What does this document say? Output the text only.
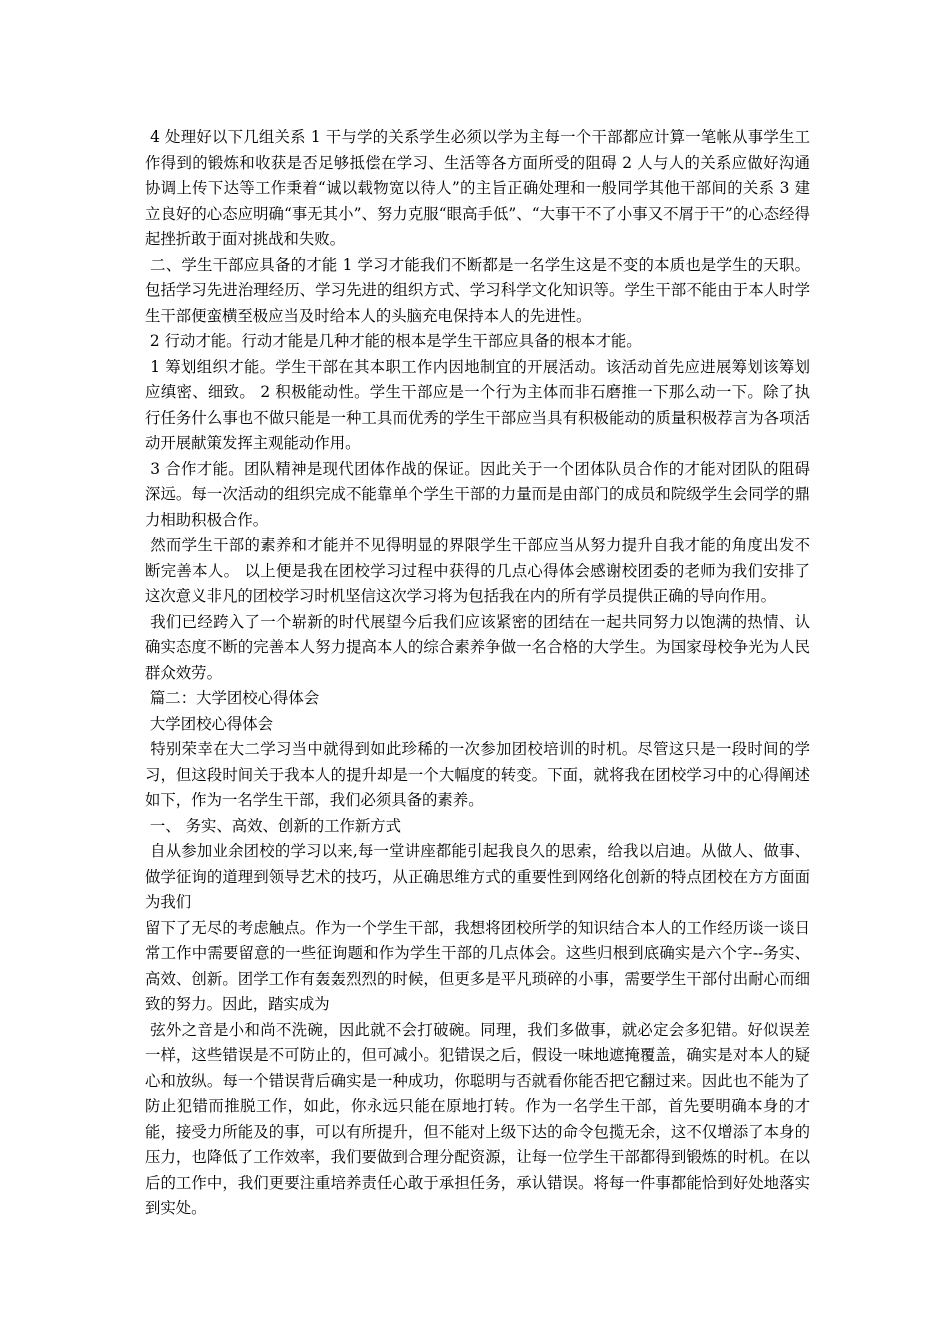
4 处理好以下几组关系 1 干与学的关系学生必须以学为主每一个干部都应计算一笔帐从事学生工作得到的锻炼和收获是否足够抵偿在学习、生活等各方面所受的阻碍 2 人与人的关系应做好沟通协调上传下达等工作秉着“诚以载物宽以待人”的主旨正确处理和一般同学其他干部间的关系 3 建立良好的心态应明确“事无其小”、努力克服“眼高手低”、“大事干不了小事又不屑于干”的心态经得起挫折敢于面对挑战和失败。

二、学生干部应具备的才能 1 学习才能我们不断都是一名学生这是不变的本质也是学生的天职。包括学习先进治理经历、学习先进的组织方式、学习科学文化知识等。学生干部不能由于本人时学生干部便蛮横至极应当及时给本人的头脑充电保持本人的先进性。

2 行动才能。行动才能是几种才能的根本是学生干部应具备的根本才能。

1 筹划组织才能。学生干部在其本职工作内因地制宜的开展活动。该活动首先应进展筹划该筹划应缜密、细致。 2 积极能动性。学生干部应是一个行为主体而非石磨推一下那么动一下。除了执行任务什么事也不做只能是一种工具而优秀的学生干部应当具有积极能动的质量积极荐言为各项活动开展献策发挥主观能动作用。

3 合作才能。团队精神是现代团体作战的保证。因此关于一个团体队员合作的才能对团队的阻碍深远。每一次活动的组织完成不能靠单个学生干部的力量而是由部门的成员和院级学生会同学的鼎力相助积极合作。

然而学生干部的素养和才能并不见得明显的界限学生干部应当从努力提升自我才能的角度出发不断完善本人。 以上便是我在团校学习过程中获得的几点心得体会感谢校团委的老师为我们安排了这次意义非凡的团校学习时机坚信这次学习将为包括我在内的所有学员提供正确的导向作用。

我们已经跨入了一个崭新的时代展望今后我们应该紧密的团结在一起共同努力以饱满的热情、认确实态度不断的完善本人努力提高本人的综合素养争做一名合格的大学生。为国家母校争光为人民群众效劳。

篇二：大学团校心得体会

大学团校心得体会

特别荣幸在大二学习当中就得到如此珍稀的一次参加团校培训的时机。尽管这只是一段时间的学习，但这段时间关于我本人的提升却是一个大幅度的转变。下面，就将我在团校学习中的心得阐述如下，作为一名学生干部，我们必须具备的素养。

一、 务实、高效、创新的工作新方式

自从参加业余团校的学习以来,每一堂讲座都能引起我良久的思索，给我以启迪。从做人、做事、做学征询的道理到领导艺术的技巧，从正确思维方式的重要性到网络化创新的特点团校在方方面面为我们

留下了无尽的考虑触点。作为一个学生干部，我想将团校所学的知识结合本人的工作经历谈一谈日常工作中需要留意的一些征询题和作为学生干部的几点体会。这些归根到底确实是六个字--务实、高效、创新。团学工作有轰轰烈烈的时候，但更多是平凡琐碎的小事，需要学生干部付出耐心而细致的努力。因此，踏实成为

弦外之音是小和尚不洗碗，因此就不会打破碗。同理，我们多做事，就必定会多犯错。好似误差一样，这些错误是不可防止的，但可减小。犯错误之后，假设一味地遮掩覆盖，确实是对本人的疑心和放纵。每一个错误背后确实是一种成功，你聪明与否就看你能否把它翻过来。因此也不能为了防止犯错而推脱工作，如此，你永远只能在原地打转。作为一名学生干部，首先要明确本身的才能，接受力所能及的事，可以有所提升，但不能对上级下达的命令包揽无余，这不仅增添了本身的压力，也降低了工作效率，我们要做到合理分配资源，让每一位学生干部都得到锻炼的时机。在以后的工作中，我们更要注重培养责任心敢于承担任务，承认错误。将每一件事都能恰到好处地落实到实处。
